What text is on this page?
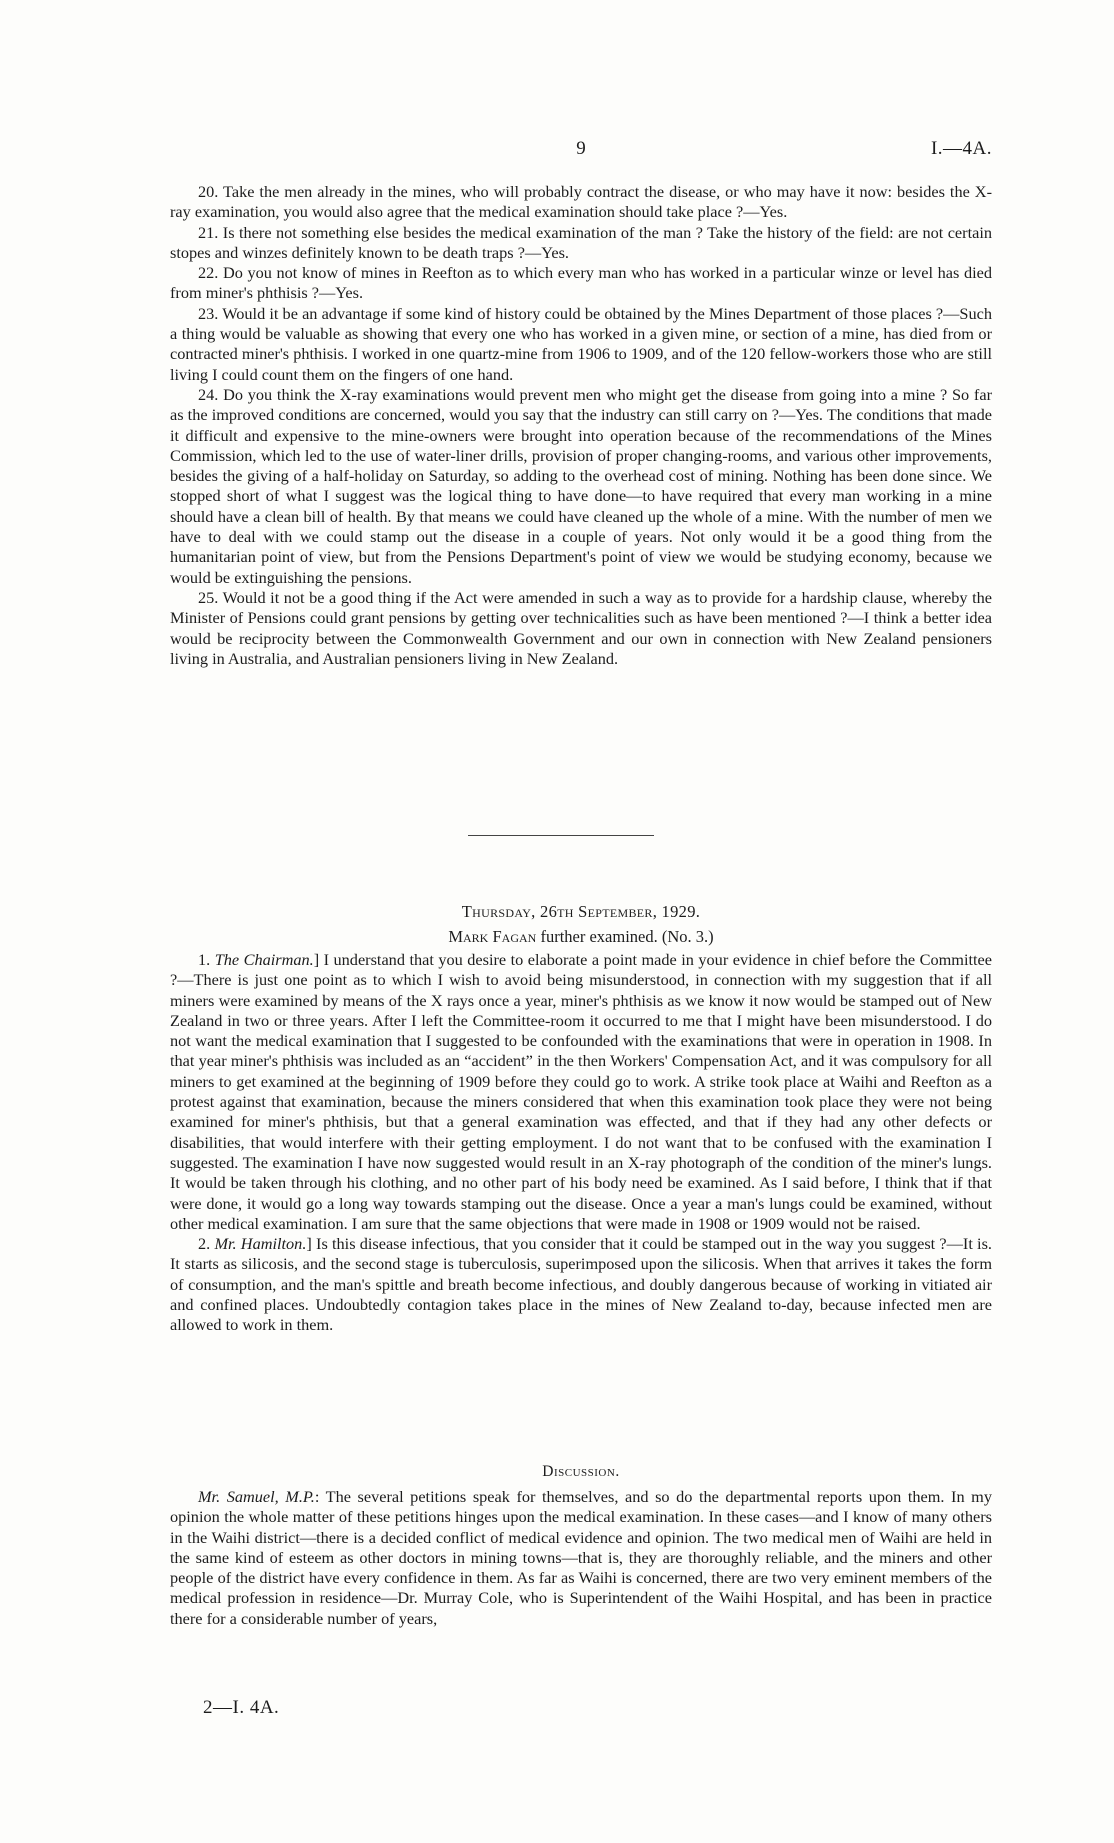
9	I.—4A.

20. Take the men already in the mines, who will probably contract the disease, or who may have it now: besides the X-ray examination, you would also agree that the medical examination should take place ?—Yes.

21. Is there not something else besides the medical examination of the man ? Take the history of the field: are not certain stopes and winzes definitely known to be death traps ?—Yes.

22. Do you not know of mines in Reefton as to which every man who has worked in a particular winze or level has died from miner's phthisis ?—Yes.

23. Would it be an advantage if some kind of history could be obtained by the Mines Department of those places ?—Such a thing would be valuable as showing that every one who has worked in a given mine, or section of a mine, has died from or contracted miner's phthisis. I worked in one quartz-mine from 1906 to 1909, and of the 120 fellow-workers those who are still living I could count them on the fingers of one hand.

24. Do you think the X-ray examinations would prevent men who might get the disease from going into a mine ? So far as the improved conditions are concerned, would you say that the industry can still carry on ?—Yes. The conditions that made it difficult and expensive to the mine-owners were brought into operation because of the recommendations of the Mines Commission, which led to the use of water-liner drills, provision of proper changing-rooms, and various other improvements, besides the giving of a half-holiday on Saturday, so adding to the overhead cost of mining. Nothing has been done since. We stopped short of what I suggest was the logical thing to have done—to have required that every man working in a mine should have a clean bill of health. By that means we could have cleaned up the whole of a mine. With the number of men we have to deal with we could stamp out the disease in a couple of years. Not only would it be a good thing from the humanitarian point of view, but from the Pensions Department's point of view we would be studying economy, because we would be extinguishing the pensions.

25. Would it not be a good thing if the Act were amended in such a way as to provide for a hardship clause, whereby the Minister of Pensions could grant pensions by getting over technicalities such as have been mentioned ?—I think a better idea would be reciprocity between the Commonwealth Government and our own in connection with New Zealand pensioners living in Australia, and Australian pensioners living in New Zealand.

Thursday, 26th September, 1929.
Mark Fagan further examined. (No. 3.)

1. The Chairman.] I understand that you desire to elaborate a point made in your evidence in chief before the Committee ?—There is just one point as to which I wish to avoid being misunderstood, in connection with my suggestion that if all miners were examined by means of the X rays once a year, miner's phthisis as we know it now would be stamped out of New Zealand in two or three years. After I left the Committee-room it occurred to me that I might have been misunderstood. I do not want the medical examination that I suggested to be confounded with the examinations that were in operation in 1908. In that year miner's phthisis was included as an “accident” in the then Workers' Compensation Act, and it was compulsory for all miners to get examined at the beginning of 1909 before they could go to work. A strike took place at Waihi and Reefton as a protest against that examination, because the miners considered that when this examination took place they were not being examined for miner's phthisis, but that a general examination was effected, and that if they had any other defects or disabilities, that would interfere with their getting employment. I do not want that to be confused with the examination I suggested. The examination I have now suggested would result in an X-ray photograph of the condition of the miner's lungs. It would be taken through his clothing, and no other part of his body need be examined. As I said before, I think that if that were done, it would go a long way towards stamping out the disease. Once a year a man's lungs could be examined, without other medical examination. I am sure that the same objections that were made in 1908 or 1909 would not be raised.

2. Mr. Hamilton.] Is this disease infectious, that you consider that it could be stamped out in the way you suggest ?—It is. It starts as silicosis, and the second stage is tuberculosis, superimposed upon the silicosis. When that arrives it takes the form of consumption, and the man's spittle and breath become infectious, and doubly dangerous because of working in vitiated air and confined places. Undoubtedly contagion takes place in the mines of New Zealand to-day, because infected men are allowed to work in them.

Discussion.

Mr. Samuel, M.P.: The several petitions speak for themselves, and so do the departmental reports upon them. In my opinion the whole matter of these petitions hinges upon the medical examination. In these cases—and I know of many others in the Waihi district—there is a decided conflict of medical evidence and opinion. The two medical men of Waihi are held in the same kind of esteem as other doctors in mining towns—that is, they are thoroughly reliable, and the miners and other people of the district have every confidence in them. As far as Waihi is concerned, there are two very eminent members of the medical profession in residence—Dr. Murray Cole, who is Superintendent of the Waihi Hospital, and has been in practice there for a considerable number of years,

2—I. 4A.
